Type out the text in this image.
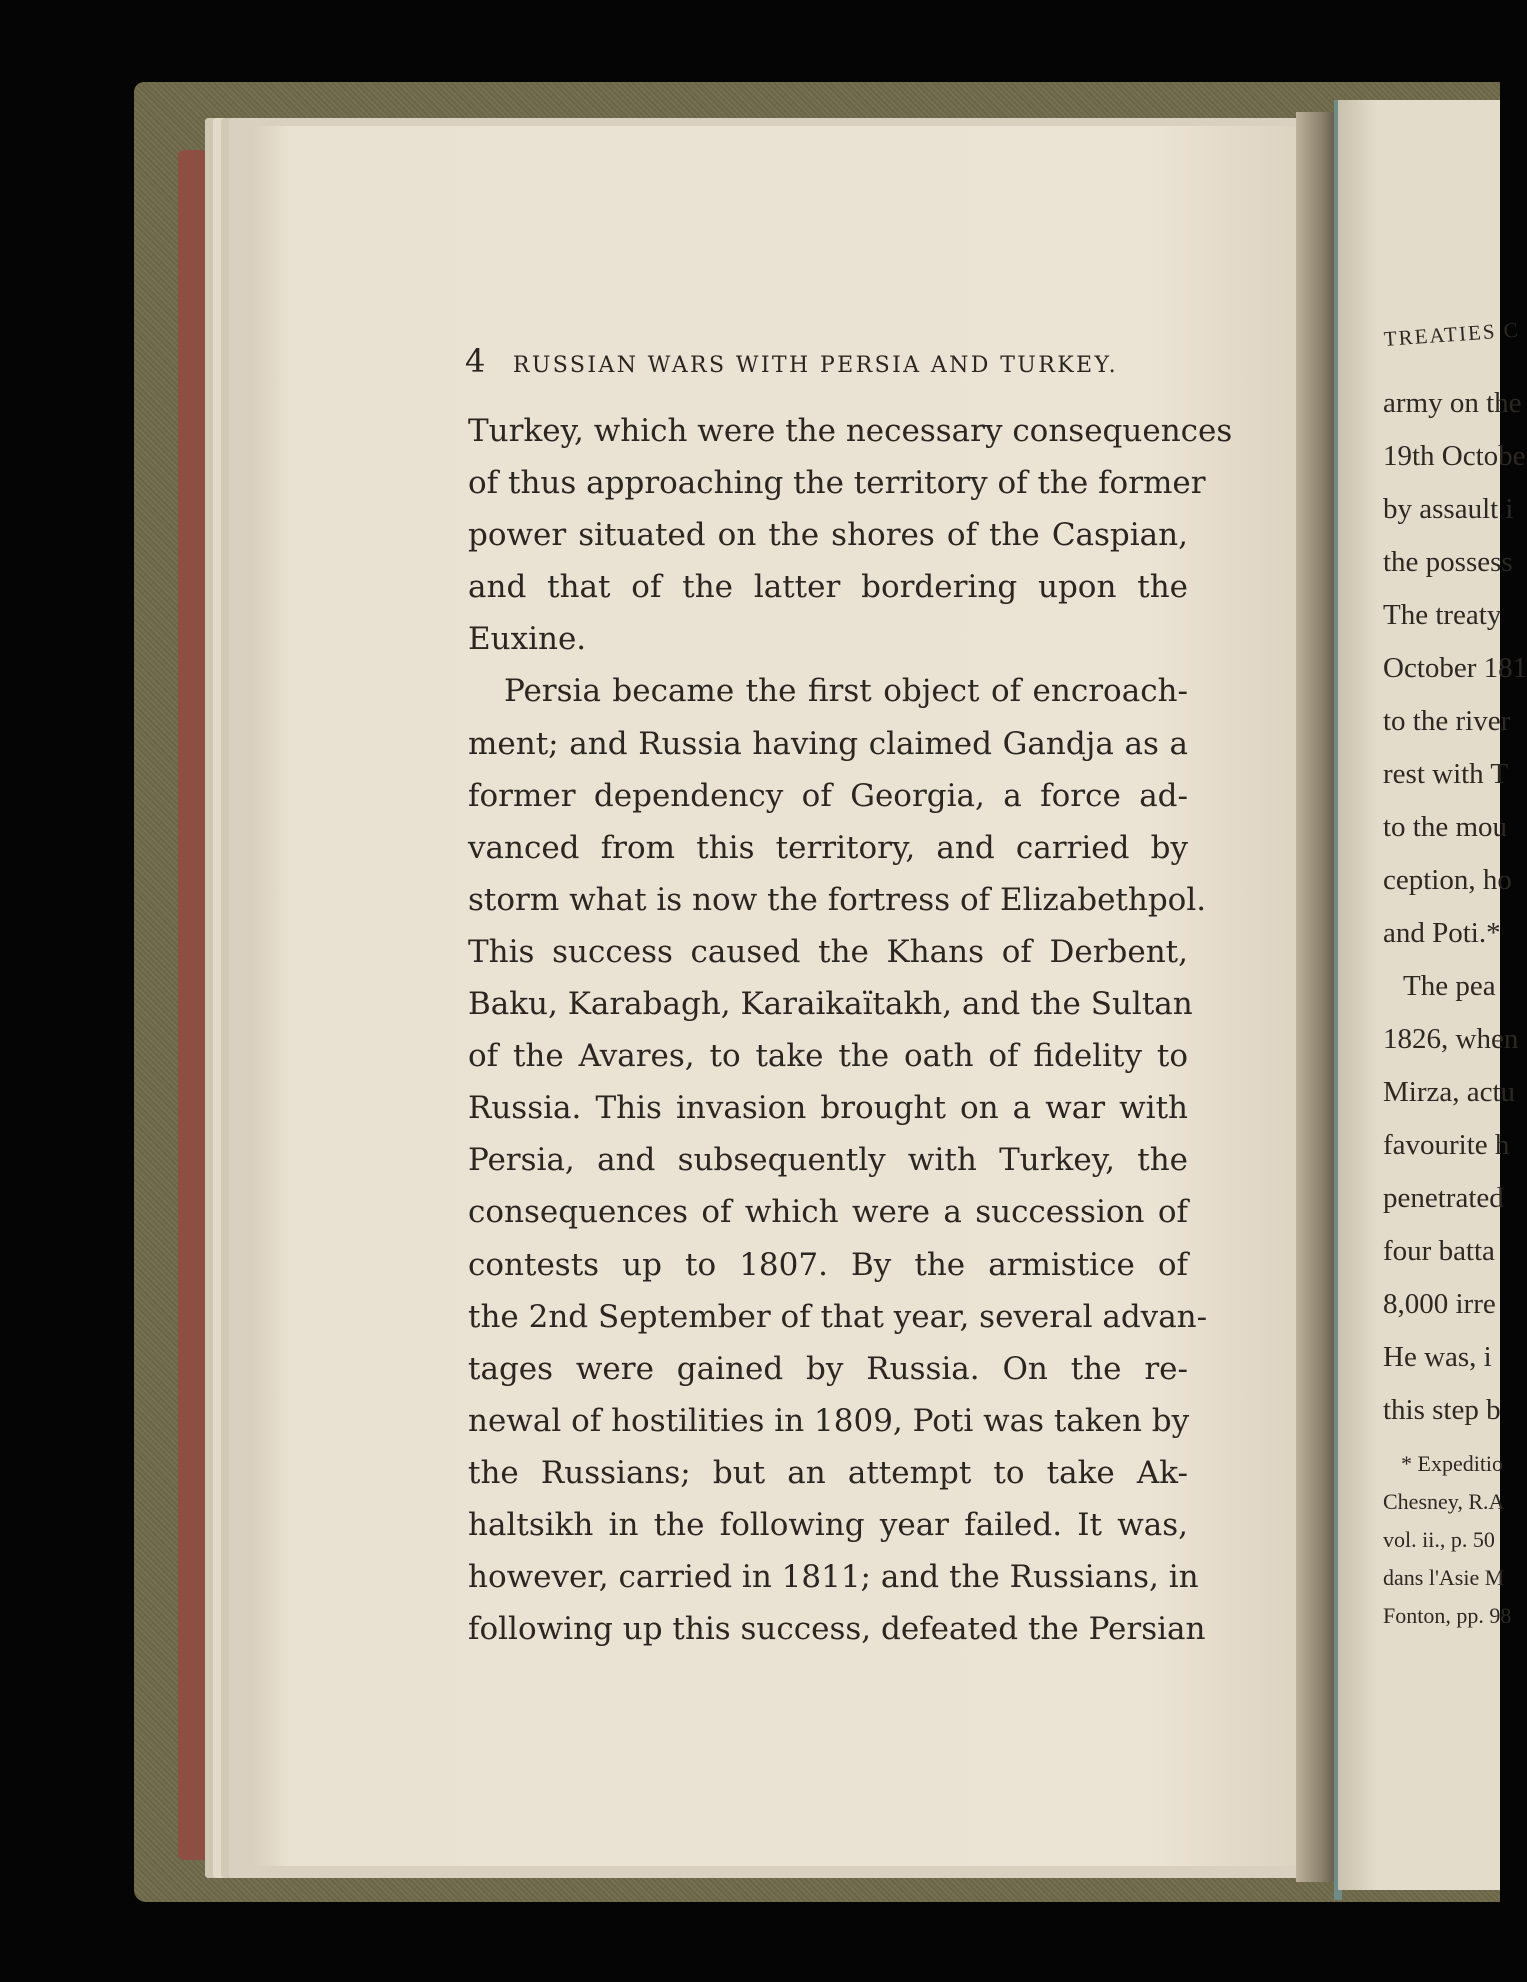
4 RUSSIAN WARS WITH PERSIA AND TURKEY.
Turkey, which were the necessary consequences
of thus approaching the territory of the former
power situated on the shores of the Caspian,
and that of the latter bordering upon the
Euxine.
Persia became the first object of encroach-
ment; and Russia having claimed Gandja as a
former dependency of Georgia, a force ad-
vanced from this territory, and carried by
storm what is now the fortress of Elizabethpol.
This success caused the Khans of Derbent,
Baku, Karabagh, Karaikaïtakh, and the Sultan
of the Avares, to take the oath of fidelity to
Russia. This invasion brought on a war with
Persia, and subsequently with Turkey, the
consequences of which were a succession of
contests up to 1807. By the armistice of
the 2nd September of that year, several advan-
tages were gained by Russia. On the re-
newal of hostilities in 1809, Poti was taken by
the Russians; but an attempt to take Ak-
haltsikh in the following year failed. It was,
however, carried in 1811; and the Russians, in
following up this success, defeated the Persian
TREATIES C
army on the
19th Octobe
by assault i
the possess
The treaty
October 181
to the river
rest with T
to the mou
ception, ho
and Poti.*
The pea
1826, when
Mirza, actu
favourite h
penetrated
four batta
8,000 irre
He was, i
this step b
* Expeditio
Chesney, R.A
vol. ii., p. 50
dans l'Asie M
Fonton, pp. 98
